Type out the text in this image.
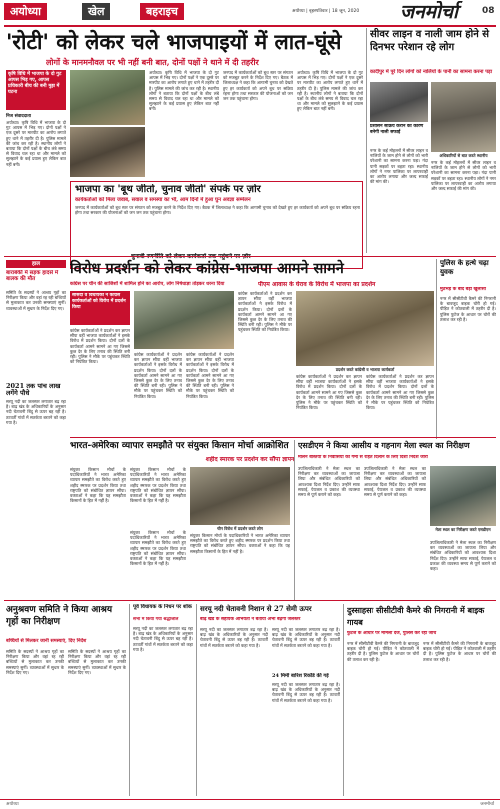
अयोध्या	खेल	बहराइच	अयोध्या | बृहस्पतिवार | 18 जून, 2020	जनमोर्चा	08
'रोटी' को लेकर चले भाजपाइयों में लात-घूंसे
लोगों के मानमनौवल पर भी नहीं बनी बात, दोनों पक्षों ने थाने में दी तहरीर
कृषि विधि में भाजपा के दो गुट आपस भिड़ गए, आपस प्रधिकारी बीच की बनी मुझ में घटना
निज संवाददाता
अयोध्या। कृषि विधि में भाजपा के दो गुट आपस में भिड़ गए। दोनों पक्षों ने एक दूसरे पर मारपीट का आरोप लगाते हुए थाने में तहरीर दी है। पुलिस मामले की जांच कर रही है। स्थानीय लोगों ने बताया कि दोनों पक्षों के बीच लंबे समय से विवाद चल रहा था और मामले को सुलझाने के कई प्रयास हुए लेकिन बात नहीं बनी।
अयोध्या। कृषि विधि में भाजपा के दो गुट आपस में भिड़ गए। दोनों पक्षों ने एक दूसरे पर मारपीट का आरोप लगाते हुए थाने में तहरीर दी है। पुलिस मामले की जांच कर रही है। स्थानीय लोगों ने बताया कि दोनों पक्षों के बीच लंबे समय से विवाद चल रहा था और मामले को सुलझाने के कई प्रयास हुए लेकिन बात नहीं बनी।
जनपद में कार्यकर्ताओं को बूथ स्तर पर संगठन को मजबूत करने के निर्देश दिए गए। बैठक में जिलाध्यक्ष ने कहा कि आगामी चुनाव को देखते हुए हर कार्यकर्ता को अपने बूथ पर सक्रिय रहना होगा तथा सरकार की योजनाओं को जन जन तक पहुंचाना होगा।
अयोध्या। कृषि विधि में भाजपा के दो गुट आपस में भिड़ गए। दोनों पक्षों ने एक दूसरे पर मारपीट का आरोप लगाते हुए थाने में तहरीर दी है। पुलिस मामले की जांच कर रही है। स्थानीय लोगों ने बताया कि दोनों पक्षों के बीच लंबे समय से विवाद चल रहा था और मामले को सुलझाने के कई प्रयास हुए लेकिन बात नहीं बनी।
भाजपा का 'बूथ जीतो, चुनाव जीतो' संपर्क पर ज़ोर
कार्यकर्ताओं को मिला जवाब, सवाल व समस्या का भी, आम दिनों में हुआ घुन अवज्ञा सम्मेलन
जनपद में कार्यकर्ताओं को बूथ स्तर पर संगठन को मजबूत करने के निर्देश दिए गए। बैठक में जिलाध्यक्ष ने कहा कि आगामी चुनाव को देखते हुए हर कार्यकर्ता को अपने बूथ पर सक्रिय रहना होगा तथा सरकार की योजनाओं को जन जन तक पहुंचाना होगा।
सीवर लाइन व नाली जाम होने से दिनभर परेशान रहे लोग
कादीपुर में पूरे दिन लोगों को नालियों के पानी का सामना करना पड़ा
अधिकारियों से बात करते स्थानीय
प्रशासन सक्रिय कराने का कारण बनेगी नाली सफाई
नगर के कई मोहल्लों में सीवर लाइन व नालियों के जाम होने से लोगों को भारी परेशानी का सामना करना पड़ा। गंदा पानी सड़कों पर बहता रहा। स्थानीय लोगों ने नगर पालिका पर लापरवाही का आरोप लगाया और जल्द सफाई की मांग की।
नगर के कई मोहल्लों में सीवर लाइन व नालियों के जाम होने से लोगों को भारी परेशानी का सामना करना पड़ा। गंदा पानी सड़कों पर बहता रहा। स्थानीय लोगों ने नगर पालिका पर लापरवाही का आरोप लगाया और जल्द सफाई की मांग की।
हाल
बाराबंकी में सड़क हादसे में बालक की मौत
समिति के सदस्यों ने आश्रय गृहों का निरीक्षण किया और वहां रह रही बच्चियों से मुलाकात कर उनकी समस्याएं सुनीं। व्यवस्थाओं में सुधार के निर्देश दिए गए।
2021 तक पांच लाख लगेंगे पौधे
सरयू नदी का जलस्तर लगातार बढ़ रहा है। बाढ़ खंड के अधिकारियों के अनुसार नदी चेतावनी बिंदु से ऊपर बह रही है। तटवर्ती गांवों में सतर्कता बरतने को कहा गया है।
विरोध प्रदर्शन को लेकर कांग्रेस-भाजपा आमने सामने
कांग्रेस पर चीन की साजिशों में शामिल होने का आरोप, लोग निषेधाज्ञा तोड़कर धरना दिया	पीएम आवास के घेराव के विरोध में भाजपा का प्रदर्शन
सांसदों व विधायकों ने कांग्रेस कार्यकर्ताओं को विरोध में प्रदर्शन किया
कांग्रेस कार्यकर्ताओं ने प्रदर्शन कर ज्ञापन सौंपा वहीं भाजपा कार्यकर्ताओं ने इसके विरोध में प्रदर्शन किया। दोनों दलों के कार्यकर्ता आमने सामने आ गए जिससे कुछ देर के लिए तनाव की स्थिति बनी रही। पुलिस ने मौके पर पहुंचकर स्थिति को नियंत्रित किया।
कांग्रेस कार्यकर्ताओं ने प्रदर्शन कर ज्ञापन सौंपा वहीं भाजपा कार्यकर्ताओं ने इसके विरोध में प्रदर्शन किया। दोनों दलों के कार्यकर्ता आमने सामने आ गए जिससे कुछ देर के लिए तनाव की स्थिति बनी रही। पुलिस ने मौके पर पहुंचकर स्थिति को नियंत्रित किया।
कांग्रेस कार्यकर्ताओं ने प्रदर्शन कर ज्ञापन सौंपा वहीं भाजपा कार्यकर्ताओं ने इसके विरोध में प्रदर्शन किया। दोनों दलों के कार्यकर्ता आमने सामने आ गए जिससे कुछ देर के लिए तनाव की स्थिति बनी रही। पुलिस ने मौके पर पहुंचकर स्थिति को नियंत्रित किया।
कांग्रेस कार्यकर्ताओं ने प्रदर्शन कर ज्ञापन सौंपा वहीं भाजपा कार्यकर्ताओं ने इसके विरोध में प्रदर्शन किया। दोनों दलों के कार्यकर्ता आमने सामने आ गए जिससे कुछ देर के लिए तनाव की स्थिति बनी रही। पुलिस ने मौके पर पहुंचकर स्थिति को नियंत्रित किया।
प्रदर्शन करते कांग्रेसी व भाजपा कार्यकर्ता
कांग्रेस कार्यकर्ताओं ने प्रदर्शन कर ज्ञापन सौंपा वहीं भाजपा कार्यकर्ताओं ने इसके विरोध में प्रदर्शन किया। दोनों दलों के कार्यकर्ता आमने सामने आ गए जिससे कुछ देर के लिए तनाव की स्थिति बनी रही। पुलिस ने मौके पर पहुंचकर स्थिति को नियंत्रित किया।
कांग्रेस कार्यकर्ताओं ने प्रदर्शन कर ज्ञापन सौंपा वहीं भाजपा कार्यकर्ताओं ने इसके विरोध में प्रदर्शन किया। दोनों दलों के कार्यकर्ता आमने सामने आ गए जिससे कुछ देर के लिए तनाव की स्थिति बनी रही। पुलिस ने मौके पर पहुंचकर स्थिति को नियंत्रित किया।
पुलिस के हत्थे चढ़ा युवक
मुठभेड़ के बाद बड़ा खुलासा
नगर में सीसीटीवी कैमरे की निगरानी के बावजूद बाइक चोरी हो गई। पीड़ित ने कोतवाली में तहरीर दी है। पुलिस फुटेज के आधार पर चोरों की तलाश कर रही है।
भारत-अमेरिका व्यापार समझौते पर संयुक्त किसान मोर्चा आक्रोशित
शहीद स्मारक पर प्रदर्शन कर सौंपा ज्ञापन
संयुक्त किसान मोर्चा के पदाधिकारियों ने भारत अमेरिका व्यापार समझौते का विरोध करते हुए शहीद स्मारक पर प्रदर्शन किया तथा राष्ट्रपति को संबोधित ज्ञापन सौंपा। वक्ताओं ने कहा कि यह समझौता किसानों के हित में नहीं है।
संयुक्त किसान मोर्चा के पदाधिकारियों ने भारत अमेरिका व्यापार समझौते का विरोध करते हुए शहीद स्मारक पर प्रदर्शन किया तथा राष्ट्रपति को संबोधित ज्ञापन सौंपा। वक्ताओं ने कहा कि यह समझौता किसानों के हित में नहीं है।
चीन विरोध में प्रदर्शन करते लोग
संयुक्त किसान मोर्चा के पदाधिकारियों ने भारत अमेरिका व्यापार समझौते का विरोध करते हुए शहीद स्मारक पर प्रदर्शन किया तथा राष्ट्रपति को संबोधित ज्ञापन सौंपा। वक्ताओं ने कहा कि यह समझौता किसानों के हित में नहीं है।
संयुक्त किसान मोर्चा के पदाधिकारियों ने भारत अमेरिका व्यापार समझौते का विरोध करते हुए शहीद स्मारक पर प्रदर्शन किया तथा राष्ट्रपति को संबोधित ज्ञापन सौंपा। वक्ताओं ने कहा कि यह समझौता किसानों के हित में नहीं है।
एसडीएम ने किया आसीय व गहनाग मेला स्थल का निरीक्षण
मलिन बस्तियों के निवासियों को गर्मी से राहत दिलाने के लिए दिशा निर्देश जारी
उपजिलाधिकारी ने मेला स्थल का निरीक्षण कर व्यवस्थाओं का जायजा लिया और संबंधित अधिकारियों को आवश्यक दिशा निर्देश दिए। उन्होंने साफ सफाई, पेयजल व प्रकाश की व्यवस्था समय से पूर्ण कराने को कहा।
उपजिलाधिकारी ने मेला स्थल का निरीक्षण कर व्यवस्थाओं का जायजा लिया और संबंधित अधिकारियों को आवश्यक दिशा निर्देश दिए। उन्होंने साफ सफाई, पेयजल व प्रकाश की व्यवस्था समय से पूर्ण कराने को कहा।
मेला स्थल का निरीक्षण करते एसडीएम
उपजिलाधिकारी ने मेला स्थल का निरीक्षण कर व्यवस्थाओं का जायजा लिया और संबंधित अधिकारियों को आवश्यक दिशा निर्देश दिए। उन्होंने साफ सफाई, पेयजल व प्रकाश की व्यवस्था समय से पूर्ण कराने को कहा।
अनुश्रवण समिति ने किया आश्रय गृहों का निरीक्षण
बच्चियों से मिलकर जानी समस्याएं, दिए निर्देश
समिति के सदस्यों ने आश्रय गृहों का निरीक्षण किया और वहां रह रही बच्चियों से मुलाकात कर उनकी समस्याएं सुनीं। व्यवस्थाओं में सुधार के निर्देश दिए गए।
समिति के सदस्यों ने आश्रय गृहों का निरीक्षण किया और वहां रह रही बच्चियों से मुलाकात कर उनकी समस्याएं सुनीं। व्यवस्थाओं में सुधार के निर्देश दिए गए।
पूर्व विधायक के निधन पर शोक
सभा में किया गया श्रद्धांजलि
सरयू नदी का जलस्तर लगातार बढ़ रहा है। बाढ़ खंड के अधिकारियों के अनुसार नदी चेतावनी बिंदु से ऊपर बह रही है। तटवर्ती गांवों में सतर्कता बरतने को कहा गया है।
सरयू नदी चेतावनी निशान से 27 सेमी ऊपर
बाढ़ खंड के सहायक अभियंता ने बताया अभी बढ़ेगा जलस्तर
सरयू नदी का जलस्तर लगातार बढ़ रहा है। बाढ़ खंड के अधिकारियों के अनुसार नदी चेतावनी बिंदु से ऊपर बह रही है। तटवर्ती गांवों में सतर्कता बरतने को कहा गया है।
सरयू नदी का जलस्तर लगातार बढ़ रहा है। बाढ़ खंड के अधिकारियों के अनुसार नदी चेतावनी बिंदु से ऊपर बह रही है। तटवर्ती गांवों में सतर्कता बरतने को कहा गया है।
24 मिमी बारिश रिकॉर्ड की गई
सरयू नदी का जलस्तर लगातार बढ़ रहा है। बाढ़ खंड के अधिकारियों के अनुसार नदी चेतावनी बिंदु से ऊपर बह रही है। तटवर्ती गांवों में सतर्कता बरतने को कहा गया है।
दुस्साहसः सीसीटीवी कैमरे की निगरानी में बाइक गायब
फुटेज के आधार पर मामला दर्ज, पुलिस कर रही जांच
नगर में सीसीटीवी कैमरे की निगरानी के बावजूद बाइक चोरी हो गई। पीड़ित ने कोतवाली में तहरीर दी है। पुलिस फुटेज के आधार पर चोरों की तलाश कर रही है।
नगर में सीसीटीवी कैमरे की निगरानी के बावजूद बाइक चोरी हो गई। पीड़ित ने कोतवाली में तहरीर दी है। पुलिस फुटेज के आधार पर चोरों की तलाश कर रही है।
अयोध्या	जनमोर्चा
